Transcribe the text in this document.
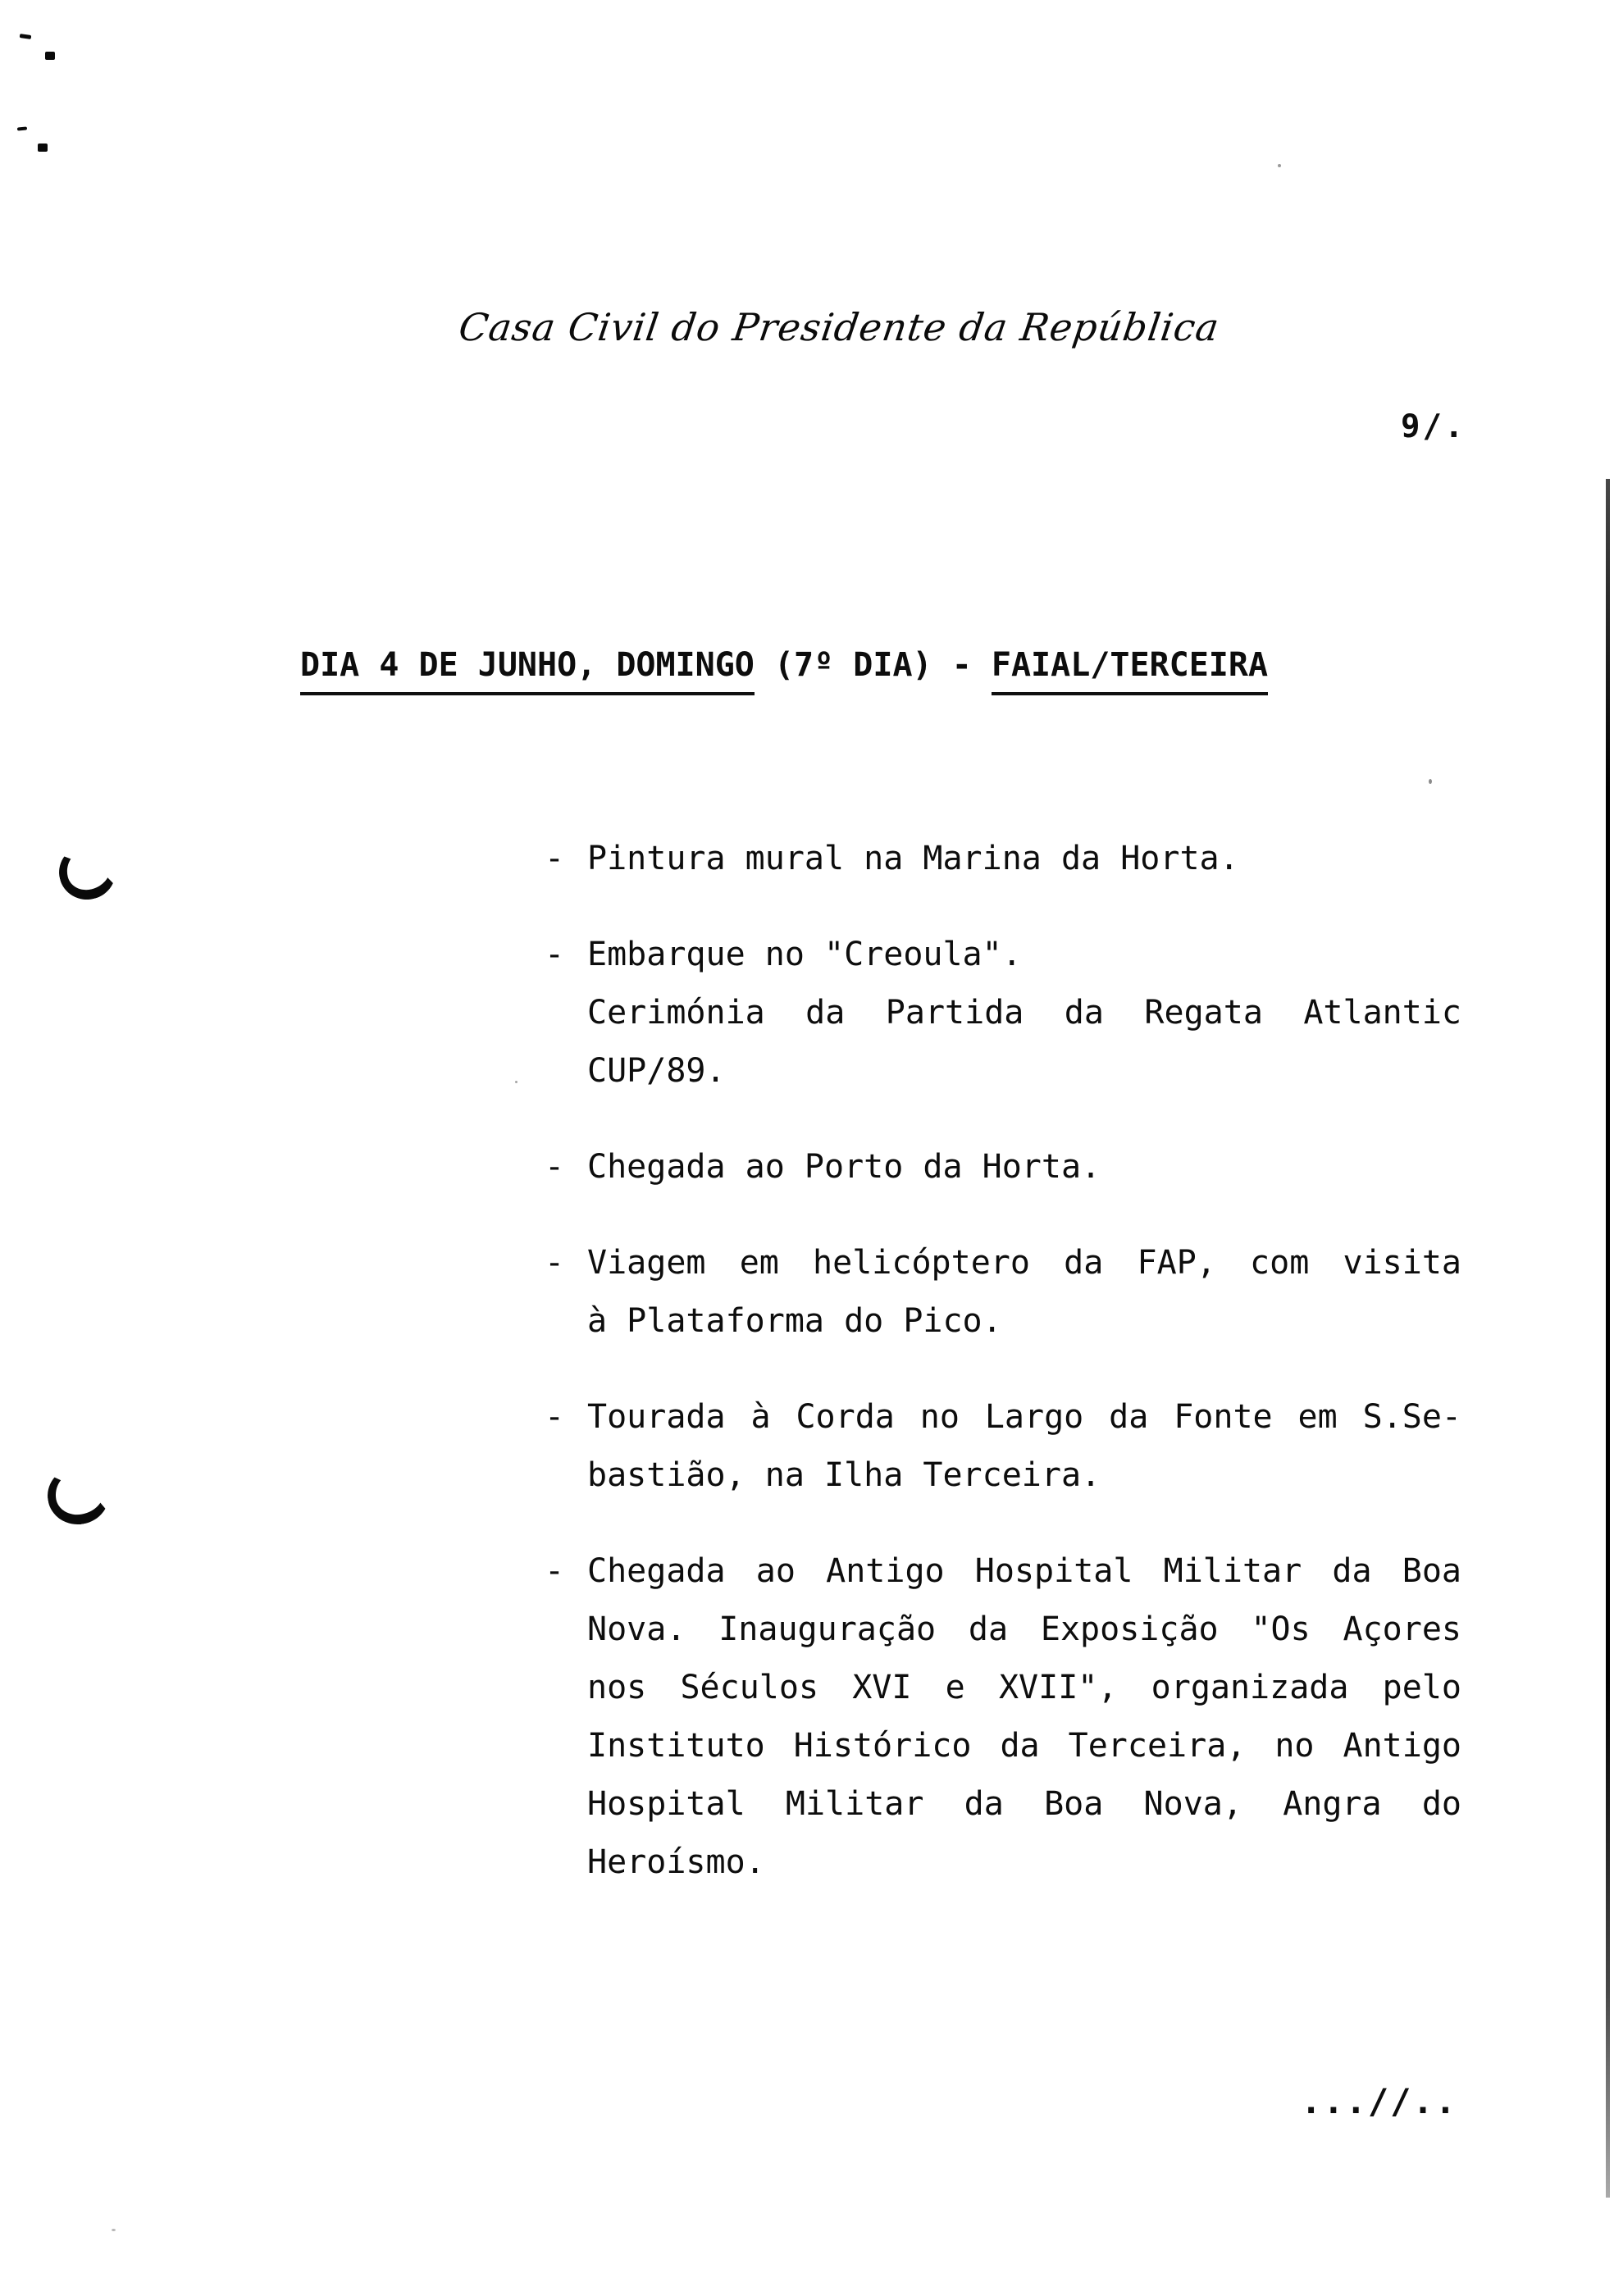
Casa Civil do Presidente da República
9/.
DIA 4 DE JUNHO, DOMINGO (7º DIA) - FAIAL/TERCEIRA
- Pintura mural na Marina da Horta.
- Embarque no "Creoula".
Cerimónia da Partida da Regata Atlantic
CUP/89.
- Chegada ao Porto da Horta.
- Viagem em helicóptero da FAP, com visita
à Plataforma do Pico.
- Tourada à Corda no Largo da Fonte em S.Se-
bastião, na Ilha Terceira.
- Chegada ao Antigo Hospital Militar da Boa
Nova. Inauguração da Exposição "Os Açores
nos Séculos XVI e XVII", organizada pelo
Instituto Histórico da Terceira, no Antigo
Hospital Militar da Boa Nova, Angra do
Heroísmo.
...//..
